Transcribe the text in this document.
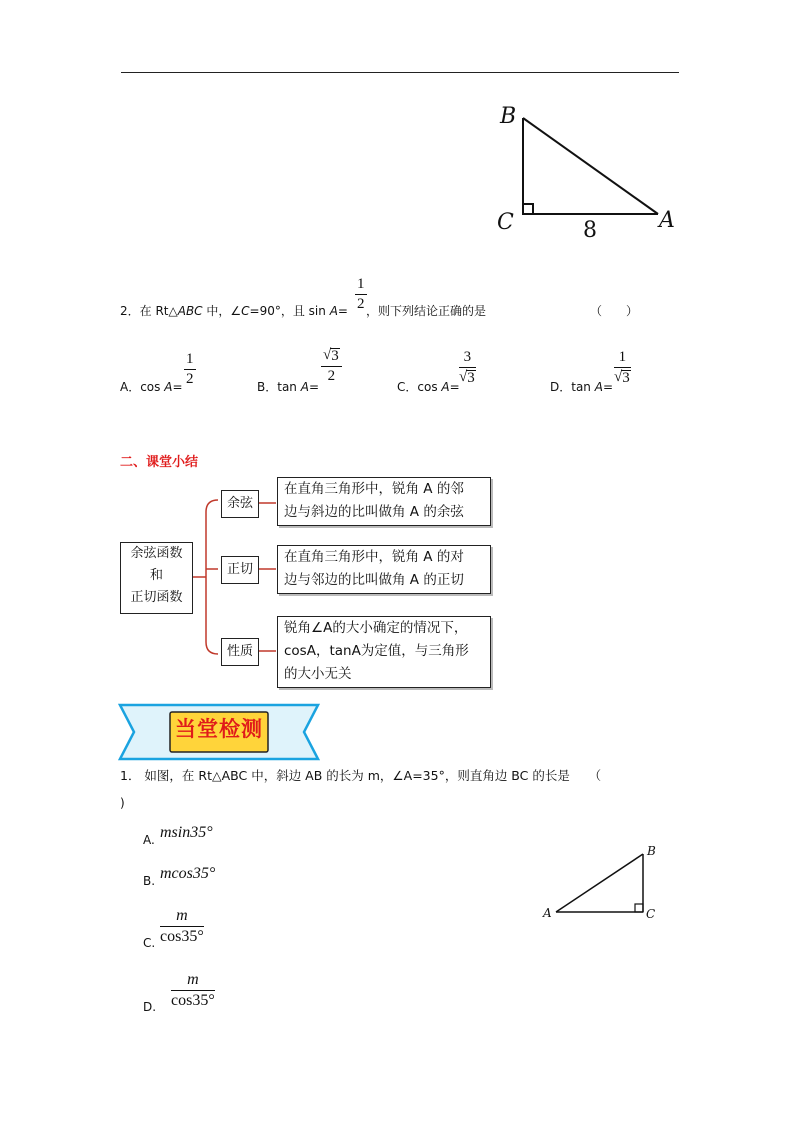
B
C	A
8
2．在 Rt△ABC 中，∠C=90°，且 sin A= ，则下列结论正确的是
1
2	（　　）
A．cos A=
1
2	B．tan A=
√ 3
2
C．cos A=
3
√ 3
D．tan A=
1
√ 3
二、课堂小结
余弦函数
和
正切函数
余弦
在直角三角形中，锐角 A 的邻
边与斜边的比叫做角 A 的余弦
正切
在直角三角形中，锐角 A 的对
边与邻边的比叫做角 A 的正切
性质
锐角∠A的大小确定的情况下，
cosA，tanA为定值，与三角形
的大小无关
当堂检测
1． 如图，在 Rt△ABC 中，斜边 AB 的长为 m，∠A=35°，则直角边 BC 的长是　　（
)
A. msin35°
B. mcos35°
C.
m
cos35°
D.
m
cos35°
A
B
C
